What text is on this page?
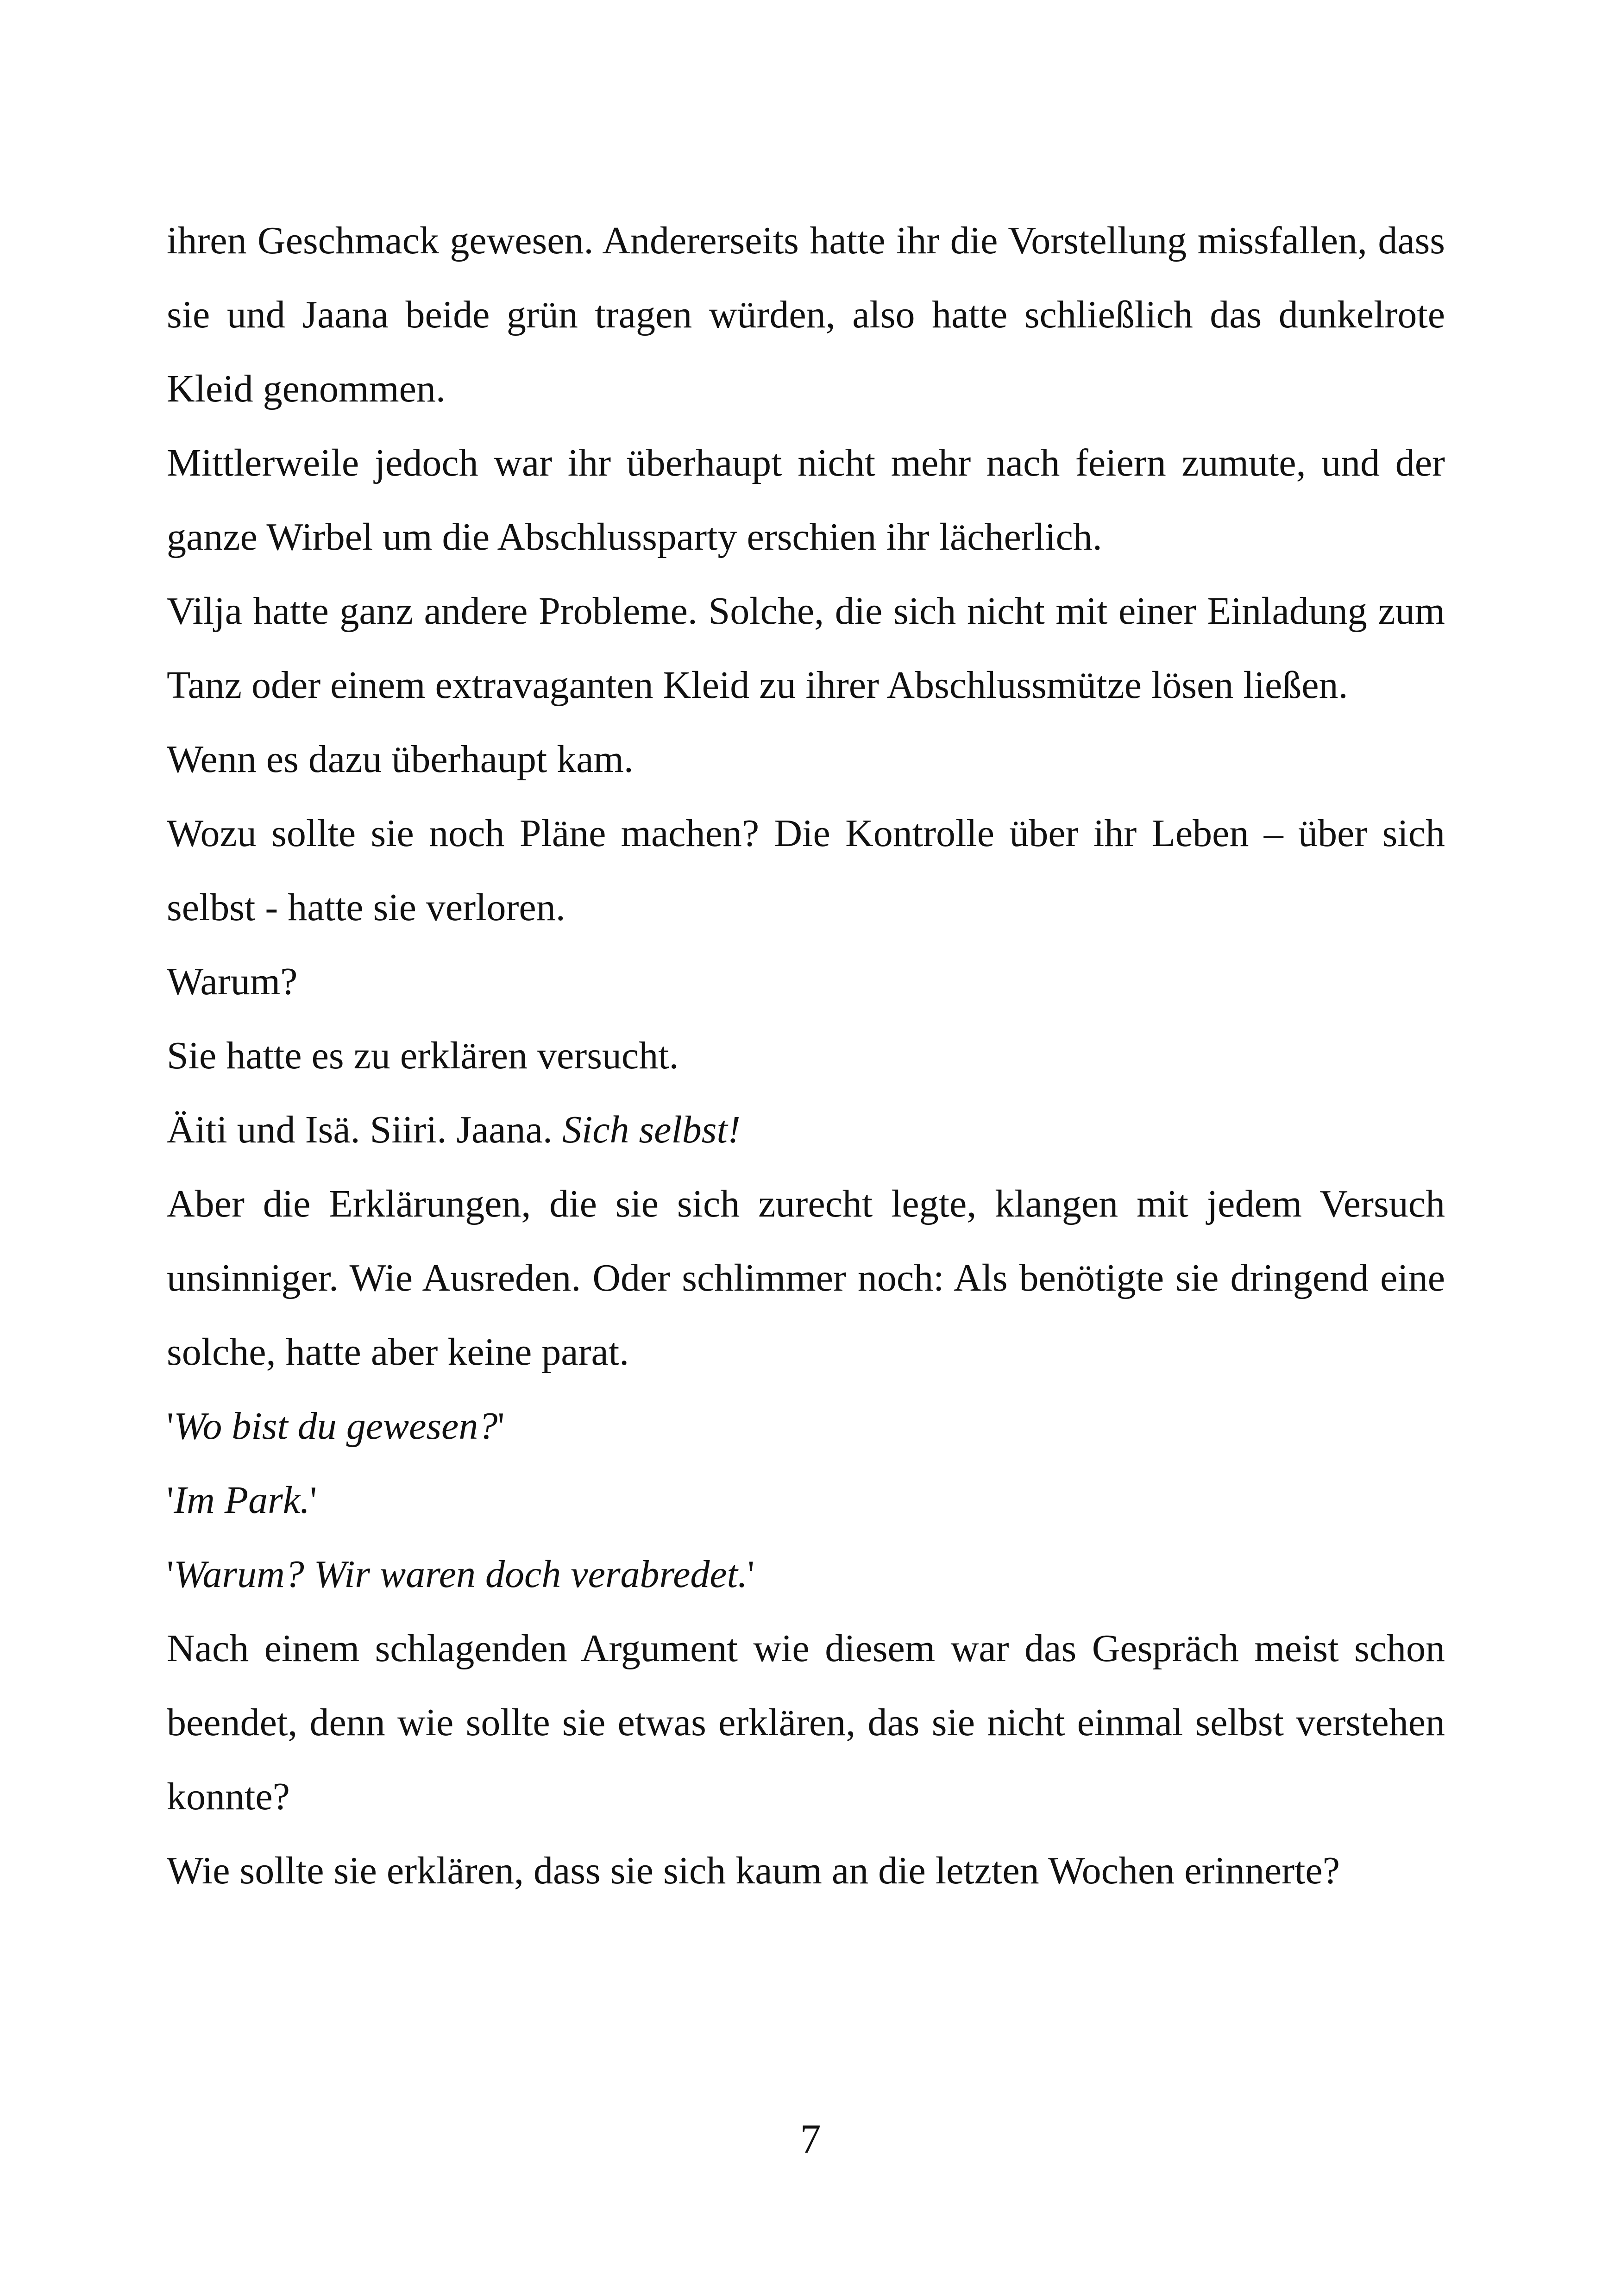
ihren Geschmack gewesen. Andererseits hatte ihr die Vorstellung missfallen, dass sie und Jaana beide grün tragen würden, also hatte schließlich das dunkelrote Kleid genommen.

Mittlerweile jedoch war ihr überhaupt nicht mehr nach feiern zumute, und der ganze Wirbel um die Abschlussparty erschien ihr lächerlich.

Vilja hatte ganz andere Probleme. Solche, die sich nicht mit einer Einladung zum Tanz oder einem extravaganten Kleid zu ihrer Abschlussmütze lösen ließen.

Wenn es dazu überhaupt kam.

Wozu sollte sie noch Pläne machen? Die Kontrolle über ihr Leben – über sich selbst - hatte sie verloren.

Warum?

Sie hatte es zu erklären versucht.

Äiti und Isä. Siiri. Jaana. Sich selbst!

Aber die Erklärungen, die sie sich zurecht legte, klangen mit jedem Versuch unsinniger. Wie Ausreden. Oder schlimmer noch: Als benötigte sie dringend eine solche, hatte aber keine parat.

'Wo bist du gewesen?'

'Im Park.'

'Warum? Wir waren doch verabredet.'

Nach einem schlagenden Argument wie diesem war das Gespräch meist schon beendet, denn wie sollte sie etwas erklären, das sie nicht einmal selbst verstehen konnte?

Wie sollte sie erklären, dass sie sich kaum an die letzten Wochen erinnerte?

7
